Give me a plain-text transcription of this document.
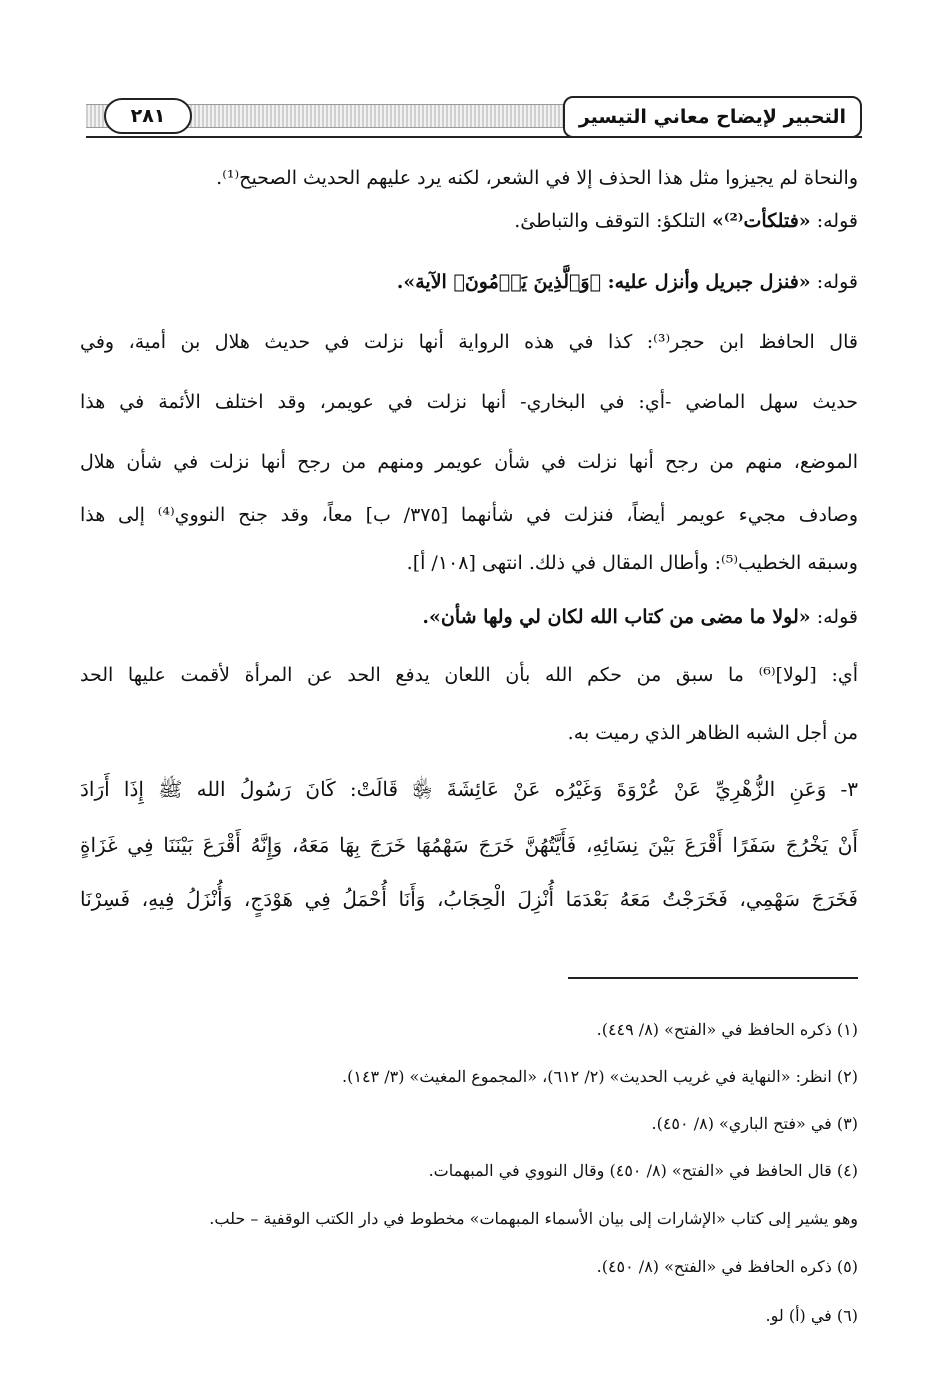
التحبير لإيضاح معاني التيسير
٢٨١
والنحاة لم يجيزوا مثل هذا الحذف إلا في الشعر، لكنه يرد عليهم الحديث الصحيح⁽¹⁾.
قوله: «فتلكأت⁽²⁾» التلكؤ: التوقف والتباطئ.
قوله: «فنزل جبريل وأنزل عليه: ﴿وَٱلَّذِينَ يَرۡمُونَ﴾ الآية».
قال الحافظ ابن حجر⁽³⁾: كذا في هذه الرواية أنها نزلت في حديث هلال بن أمية، وفي
حديث سهل الماضي -أي: في البخاري- أنها نزلت في عويمر، وقد اختلف الأئمة في هذا
الموضع، منهم من رجح أنها نزلت في شأن عويمر ومنهم من رجح أنها نزلت في شأن هلال
وصادف مجيء عويمر أيضاً، فنزلت في شأنهما [٣٧٥/ ب] معاً، وقد جنح النووي⁽⁴⁾ إلى هذا
وسبقه الخطيب⁽⁵⁾: وأطال المقال في ذلك. انتهى [١٠٨/ أ].
قوله: «لولا ما مضى من كتاب الله لكان لي ولها شأن».
أي: [لولا]⁽⁶⁾ ما سبق من حكم الله بأن اللعان يدفع الحد عن المرأة لأقمت عليها الحد
من أجل الشبه الظاهر الذي رميت به.
٣- وَعَنِ الزُّهْرِيِّ عَنْ عُرْوَةَ وَغَيْرُه عَنْ عَائِشَةَ ﵂ قَالَتْ: كَانَ رَسُولُ الله ﷺ إِذَا أَرَادَ
أَنْ يَخْرُجَ سَفَرًا أَقْرَعَ بَيْنَ نِسَائِهِ، فَأَيَّتُهُنَّ خَرَجَ سَهْمُهَا خَرَجَ بِهَا مَعَهُ، وَإِنَّهُ أَقْرَعَ بَيْنَنَا فِي غَزَاةٍ
فَخَرَجَ سَهْمِي، فَخَرَجْتُ مَعَهُ بَعْدَمَا أُنْزِلَ الْحِجَابُ، وَأَنَا أُحْمَلُ فِي هَوْدَجٍ، وَأُنْزَلُ فِيهِ، فَسِرْنَا
(١) ذكره الحافظ في «الفتح» (٨/ ٤٤٩).
(٢) انظر: «النهاية في غريب الحديث» (٢/ ٦١٢)، «المجموع المغيث» (٣/ ١٤٣).
(٣) في «فتح الباري» (٨/ ٤٥٠).
(٤) قال الحافظ في «الفتح» (٨/ ٤٥٠) وقال النووي في المبهمات.
وهو يشير إلى كتاب «الإشارات إلى بيان الأسماء المبهمات» مخطوط في دار الكتب الوقفية – حلب.
(٥) ذكره الحافظ في «الفتح» (٨/ ٤٥٠).
(٦) في (أ) لو.
